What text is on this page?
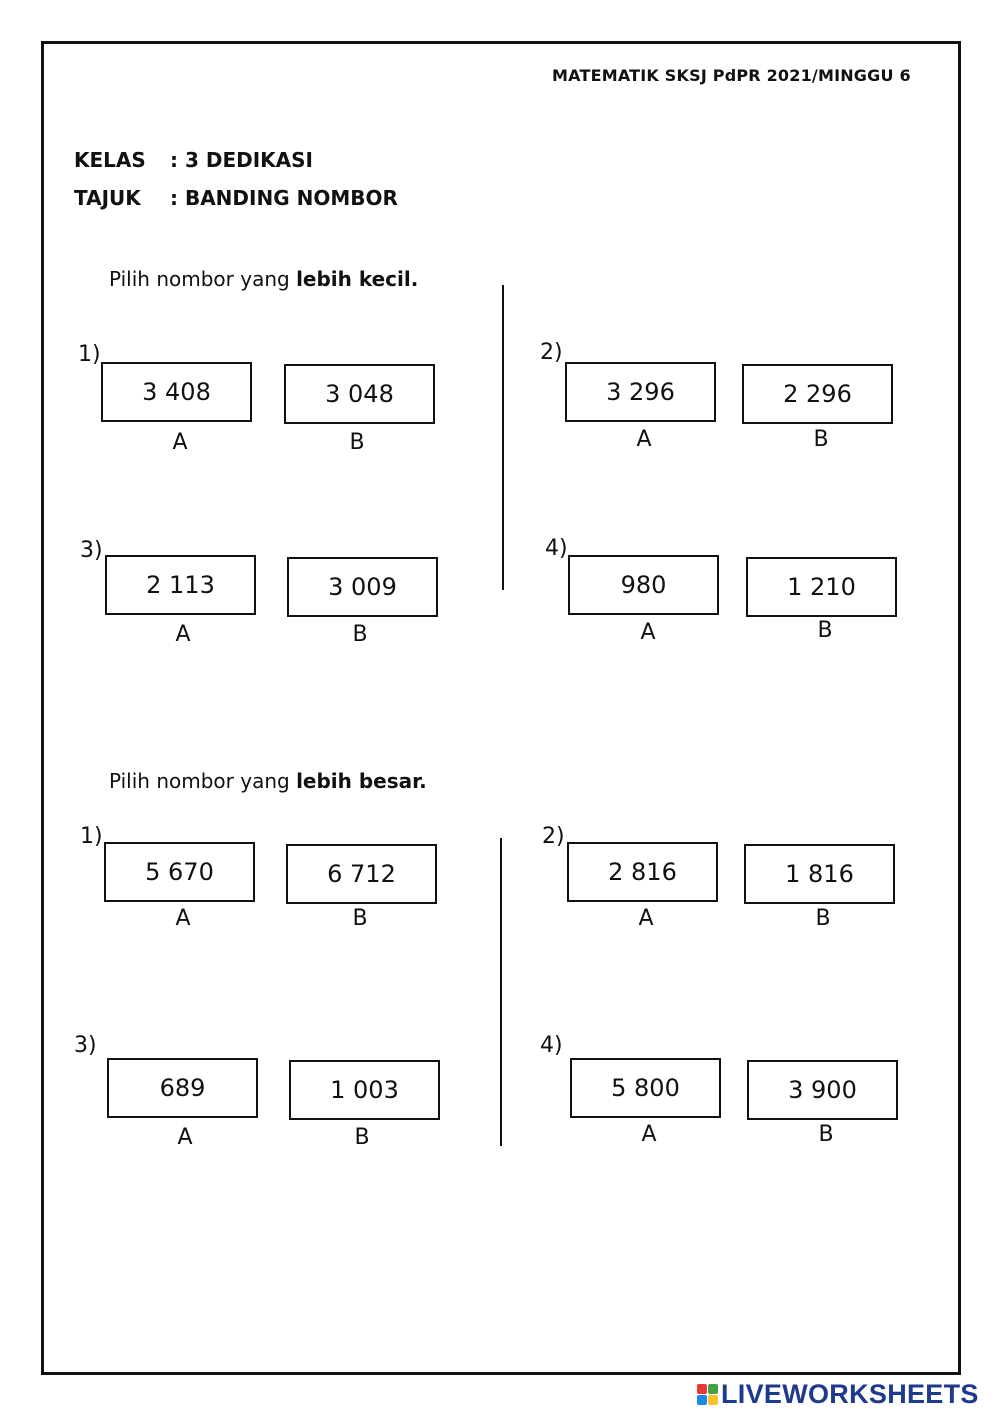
MATEMATIK SKSJ PdPR 2021/MINGGU 6
KELAS : 3 DEDIKASI
TAJUK : BANDING NOMBOR
Pilih nombor yang lebih kecil.
1)
3 408	3 048
A	B
2)
3 296	2 296
A	B
3)
2 113	3 009
A	B
4)
980	1 210
A	B
Pilih nombor yang lebih besar.
1)
5 670	6 712
A	B
2)
2 816	1 816
A	B
3)
689	1 003
A	B
4)
5 800	3 900
A	B
LIVEWORKSHEETS
